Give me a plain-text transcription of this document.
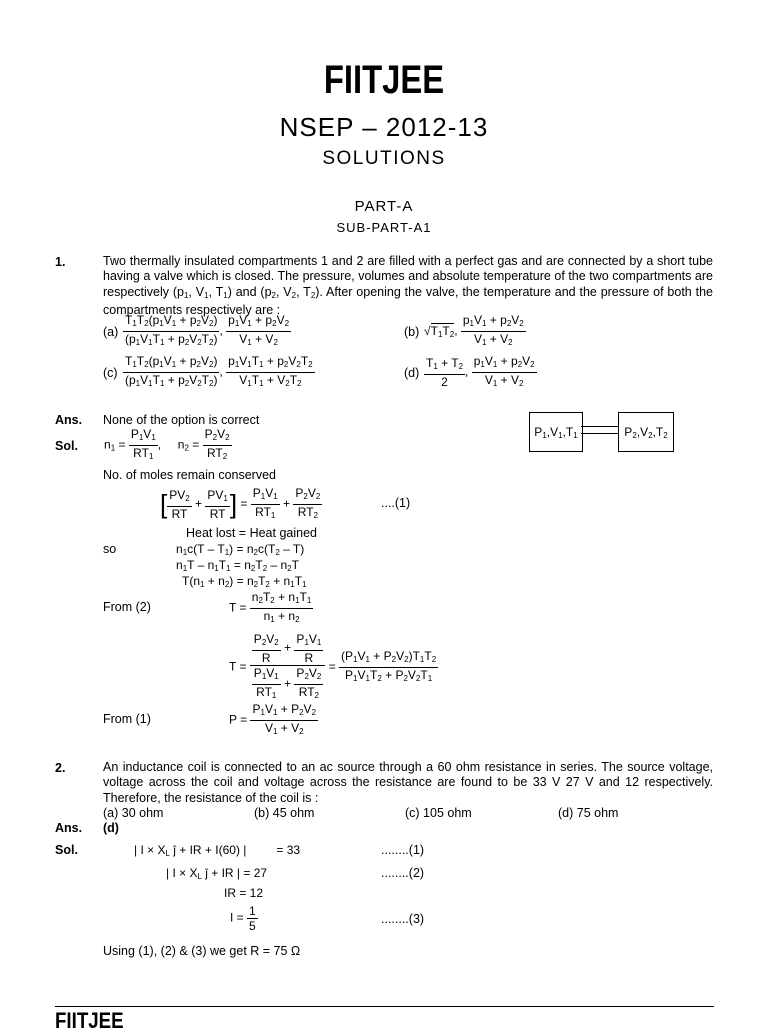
FIITJEE
NSEP – 2012-13
SOLUTIONS
PART-A
SUB-PART-A1
1.	Two thermally insulated compartments 1 and 2 are filled with a perfect gas and are connected by a short tube having a valve which is closed. The pressure, volumes and absolute temperature of the two compartments are respectively ($p_1$, $V_1$, $T_1$) and ($p_2$, $V_2$, $T_2$). After opening the valve, the temperature and the pressure of both the compartments respectively are :
$(a) \frac{T_1T_2(p_1V_1 + p_2V_2)}{(p_1V_1T_1 + p_2V_2T_2)}$ , $\frac{p_1V_1 + p_2V_2}{V_1 + V_2}$	(b) $√T_1T_2$, $\frac{p_1V_1 + p_2V_2}{V_1 + V_2}$
$(c) \frac{T_1T_2(p_1V_1 + p_2V_2)}{(p_1V_1T_1 + p_2V_2T_2)}$ , $\frac{p_1V_1T_1 + p_2V_2T_2}{V_1T_1 + V_2T_2}$	$(d) \frac{T_1 + T_2}{2}$ , $\frac{p_1V_1 + p_2V_2}{V_1 + V_2}$
Ans. None of the option is correct
Sol. $n_1 = \frac{P_1V_1}{RT_1}$ ,     $n_2 = \frac{P_2V_2}{RT_2}$	$P_1,V_1,T_1$	$P_2,V_2,T_2$
No. of moles remain conserved
[ $\frac{PV_2}{RT} + \frac{PV_1}{RT}$ ] = $\frac{P_1V_1}{RT_1} + \frac{P_2V_2}{RT_2}$	....(1)
Heat lost = Heat gained
so	$n_1c(T - T_1) = n_2c(T_2 - T)$
$n_1T - n_1T_1 = n_2T_2 - n_2T$
$T(n_1 + n_2) = n_2T_2 + n_1T_1$
From (2)	$T = \frac{n_2T_2 + n_1T_1}{n_1 + n_2}$
$T = \frac{\frac{P_2V_2}{R} + \frac{P_1V_1}{R}}{\frac{P_1V_1}{RT_1} + \frac{P_2V_2}{RT_2}} = \frac{(P_1V_1 + P_2V_2)T_1T_2}{P_1V_1T_2 + P_2V_2T_1}$
From (1)	$P = \frac{P_1V_1 + P_2V_2}{V_1 + V_2}$
2.	An inductance coil is connected to an ac source through a 60 ohm resistance in series. The source voltage, voltage across the coil and voltage across the resistance are found to be 33 V 27 V and 12 respectively. Therefore, the resistance of the coil is :
(a) 30 ohm	(b) 45 ohm	(c) 105 ohm	(d) 75 ohm
Ans. (d)
Sol.	| $I \times X_L$ ĵ + IR + I(60) |         = 33	........(1)
| $I \times X_L$ ĵ + IR | = 27	........(2)
IR = 12
$I = \frac{1}{5}$	........(3)
Using (1), (2) & (3) we get R = 75 Ω
FIITJEE
